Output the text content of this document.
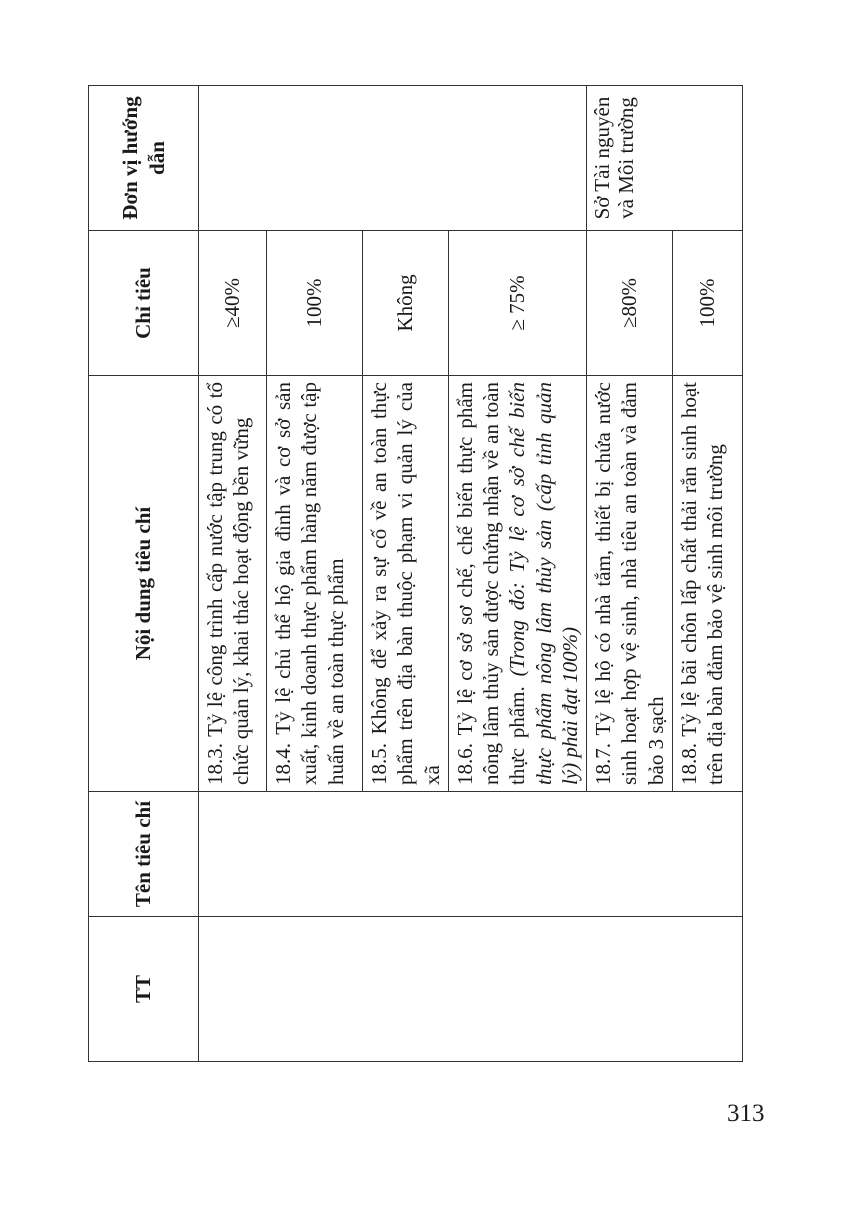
TT	Tên tiêu chí	Nội dung tiêu chí	Chỉ tiêu	Đơn vị hướng dẫn
		18.3. Tỷ lệ công trình cấp nước tập trung có tổ chức quản lý, khai thác hoạt động bền vững	≥40%	
		18.4. Tỷ lệ chủ thể hộ gia đình và cơ sở sản xuất, kinh doanh thực phẩm hàng năm được tập huấn về an toàn thực phẩm	100%	
		18.5. Không để xảy ra sự cố về an toàn thực phẩm trên địa bàn thuộc phạm vi quản lý của xã	Không	
		18.6. Tỷ lệ cơ sở sơ chế, chế biến thực phẩm nông lâm thủy sản được chứng nhận về an toàn thực phẩm. (Trong đó: Tỷ lệ cơ sở chế biến thực phẩm nông lâm thủy sản (cấp tỉnh quản lý) phải đạt 100%)	≥ 75%	
		18.7. Tỷ lệ hộ có nhà tắm, thiết bị chứa nước sinh hoạt hợp vệ sinh, nhà tiêu an toàn và đảm bảo 3 sạch	≥80%	Sở Tài nguyên và Môi trường
		18.8. Tỷ lệ bãi chôn lấp chất thải rắn sinh hoạt trên địa bàn đảm bảo vệ sinh môi trường	100%	
313
